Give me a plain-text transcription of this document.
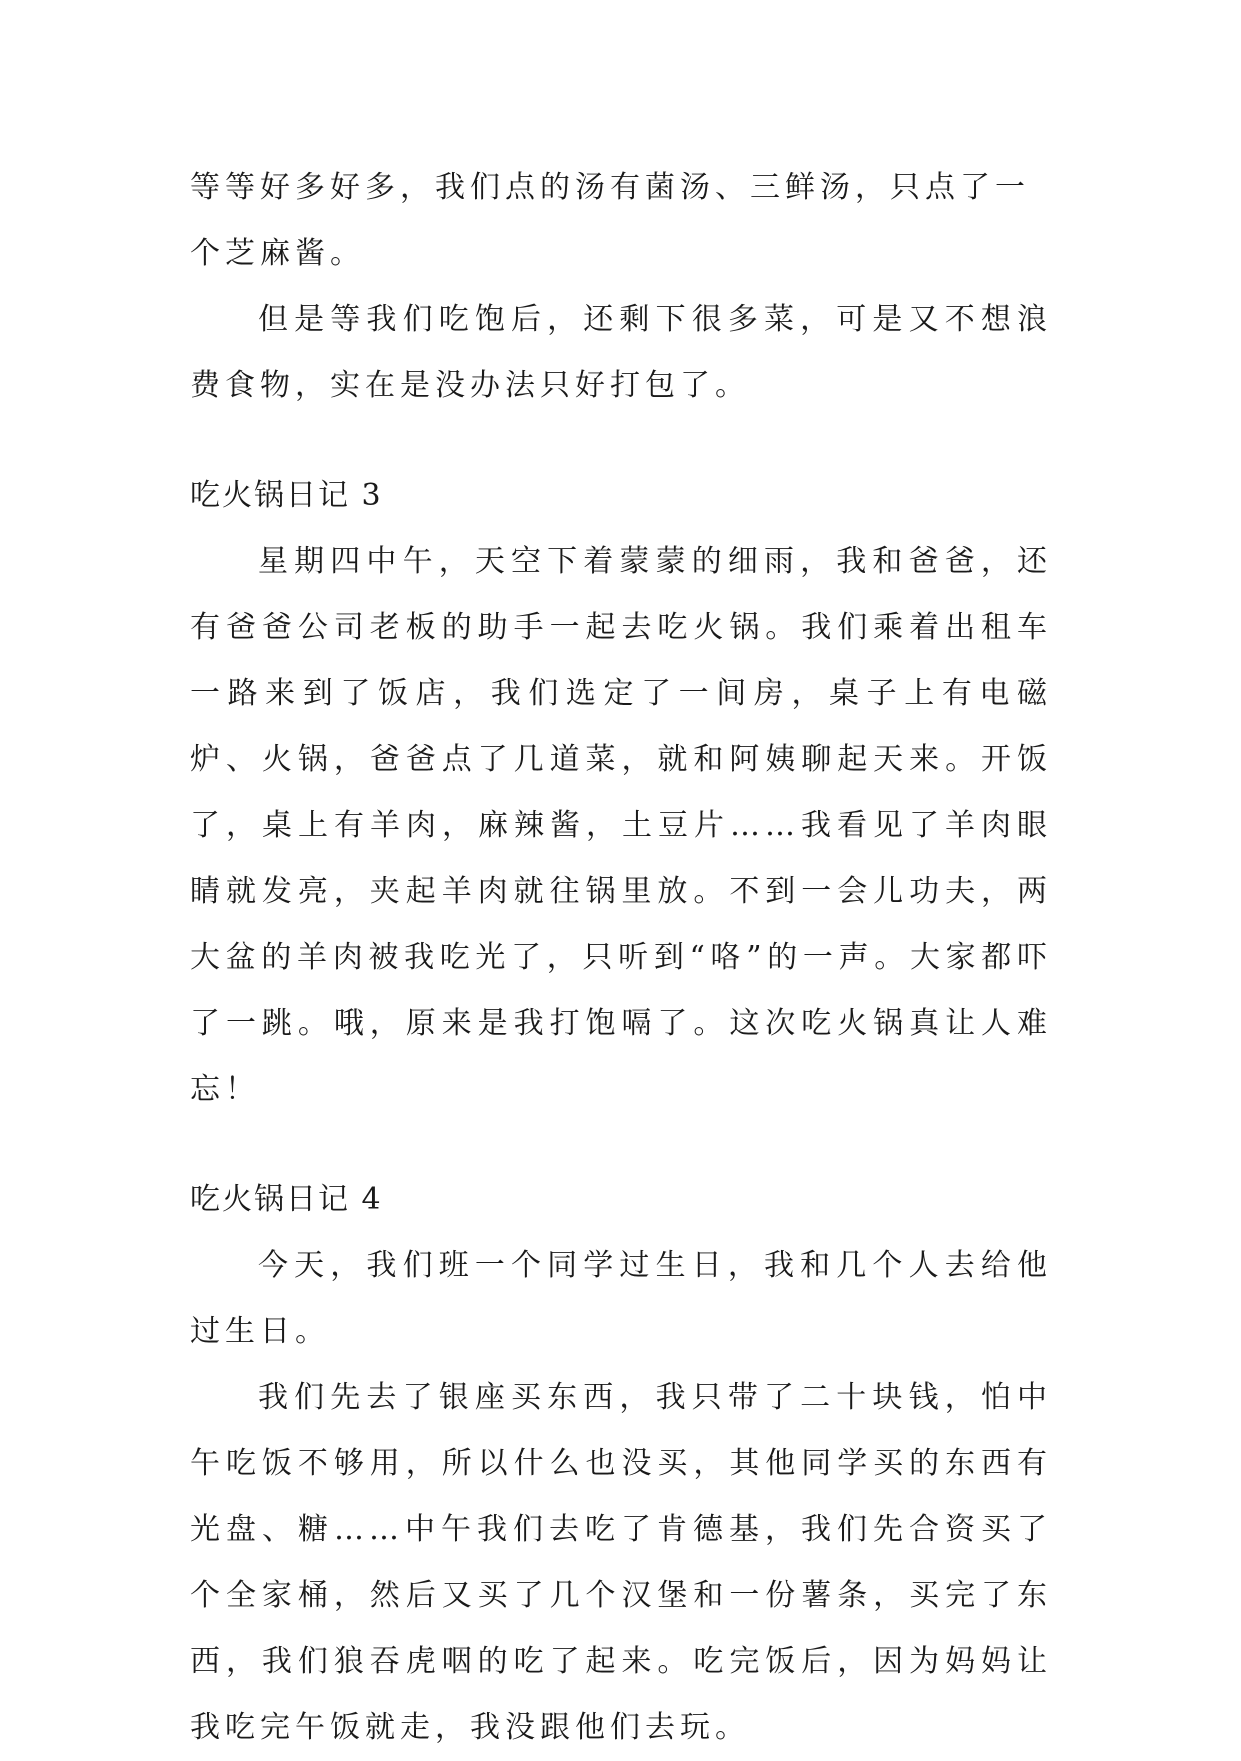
等等好多好多，我们点的汤有菌汤、三鲜汤，只点了一个芝麻酱。

但是等我们吃饱后，还剩下很多菜，可是又不想浪费食物，实在是没办法只好打包了。

吃火锅日记 3

星期四中午，天空下着蒙蒙的细雨，我和爸爸，还有爸爸公司老板的助手一起去吃火锅。我们乘着出租车一路来到了饭店，我们选定了一间房，桌子上有电磁炉、火锅，爸爸点了几道菜，就和阿姨聊起天来。开饭了，桌上有羊肉，麻辣酱，土豆片……我看见了羊肉眼睛就发亮，夹起羊肉就往锅里放。不到一会儿功夫，两大盆的羊肉被我吃光了，只听到“咯”的一声。大家都吓了一跳。哦，原来是我打饱嗝了。这次吃火锅真让人难忘！

吃火锅日记 4

今天，我们班一个同学过生日，我和几个人去给他过生日。

我们先去了银座买东西，我只带了二十块钱，怕中午吃饭不够用，所以什么也没买，其他同学买的东西有光盘、糖……中午我们去吃了肯德基，我们先合资买了个全家桶，然后又买了几个汉堡和一份薯条，买完了东西，我们狼吞虎咽的吃了起来。吃完饭后，因为妈妈让我吃完午饭就走，我没跟他们去玩。
